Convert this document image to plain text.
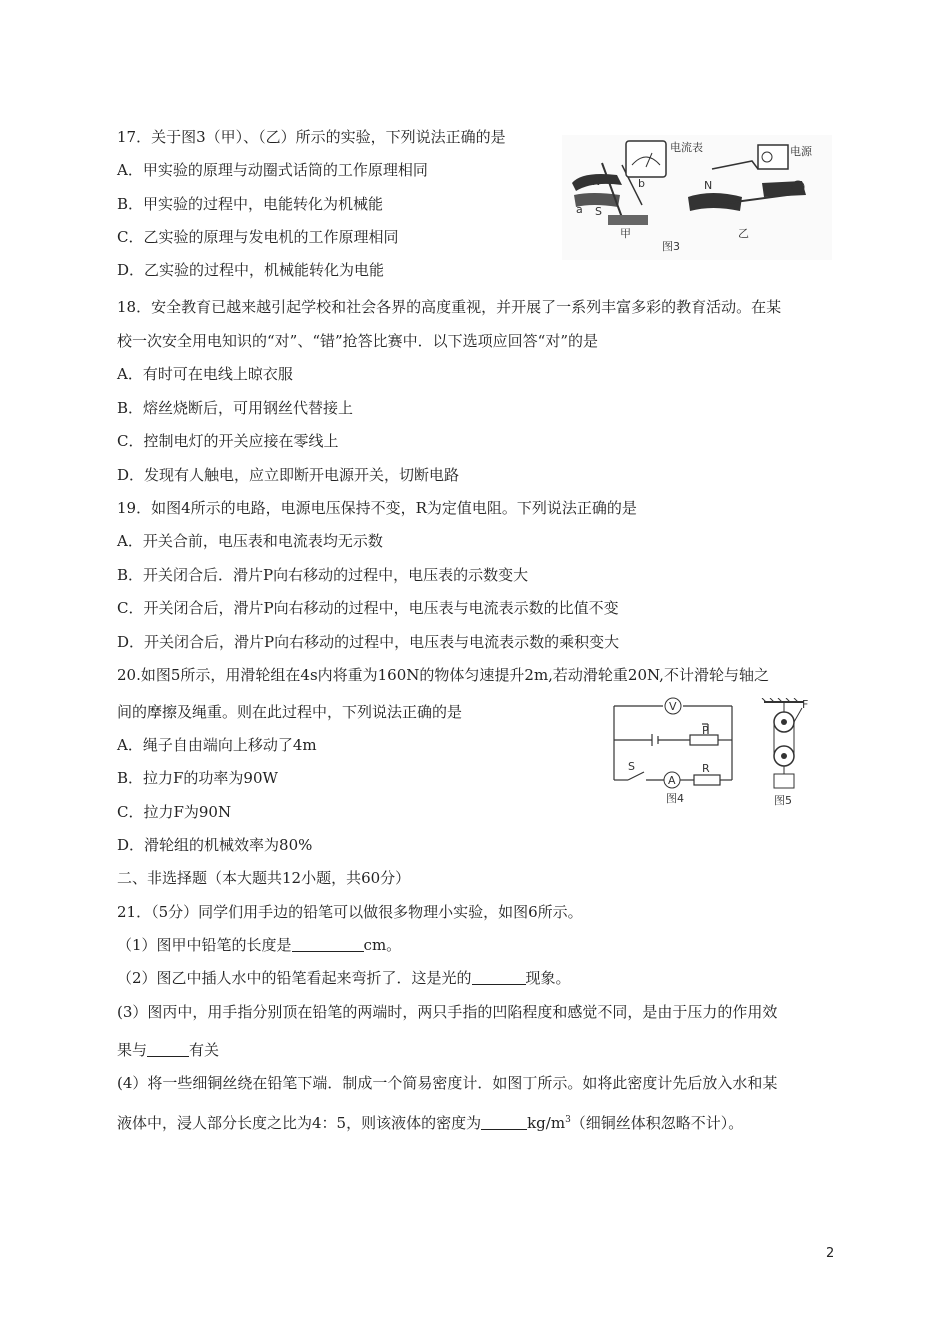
17．关于图3（甲）、（乙）所示的实验，下列说法正确的是
A．甲实验的原理与动圈式话筒的工作原理相同
B．甲实验的过程中，电能转化为机械能
C．乙实验的原理与发电机的工作原理相同
D．乙实验的过程中，机械能转化为电能
N
S
a
b
电流表
甲
电源
N
乙
图3
18．安全教育已越来越引起学校和社会各界的高度重视，并开展了一系列丰富多彩的教育活动。在某
校一次安全用电知识的“对”、“错”抢答比赛中．以下选项应回答“对”的是
A．有时可在电线上晾衣服
B．熔丝烧断后，可用钢丝代替接上
C．控制电灯的开关应接在零线上
D．发现有人触电，应立即断开电源开关，切断电路
19．如图4所示的电路，电源电压保持不变，R为定值电阻。下列说法正确的是
A．开关合前，电压表和电流表均无示数
B．开关闭合后．滑片P向右移动的过程中，电压表的示数变大
C．开关闭合后，滑片P向右移动的过程中，电压表与电流表示数的比值不变
D．开关闭合后，滑片P向右移动的过程中，电压表与电流表示数的乘积变大
20.如图5所示，用滑轮组在4s内将重为160N的物体匀速提升2m,若动滑轮重20N,不计滑轮与轴之
间的摩擦及绳重。则在此过程中，下列说法正确的是
A．绳子自由端向上移动了4m
B．拉力F的功率为90W
C．拉力F为90N
D．滑轮组的机械效率为80%
V
A
R
P
S
图4
F
图5
二、非选择题（本大题共12小题，共60分）
21．（5分）同学们用手边的铅笔可以做很多物理小实验，如图6所示。
（1）图甲中铅笔的长度是	cm。
（2）图乙中插人水中的铅笔看起来弯折了．这是光的	现象。
(3）图丙中，用手指分别顶在铅笔的两端时，两只手指的凹陷程度和感觉不同，是由于压力的作用效
果与	有关
(4）将一些细铜丝绕在铅笔下端．制成一个简易密度计．如图丁所示。如将此密度计先后放入水和某
液体中，浸人部分长度之比为4：5，则该液体的密度为	$kg/m^3$（细铜丝体积忽略不计）。
2
